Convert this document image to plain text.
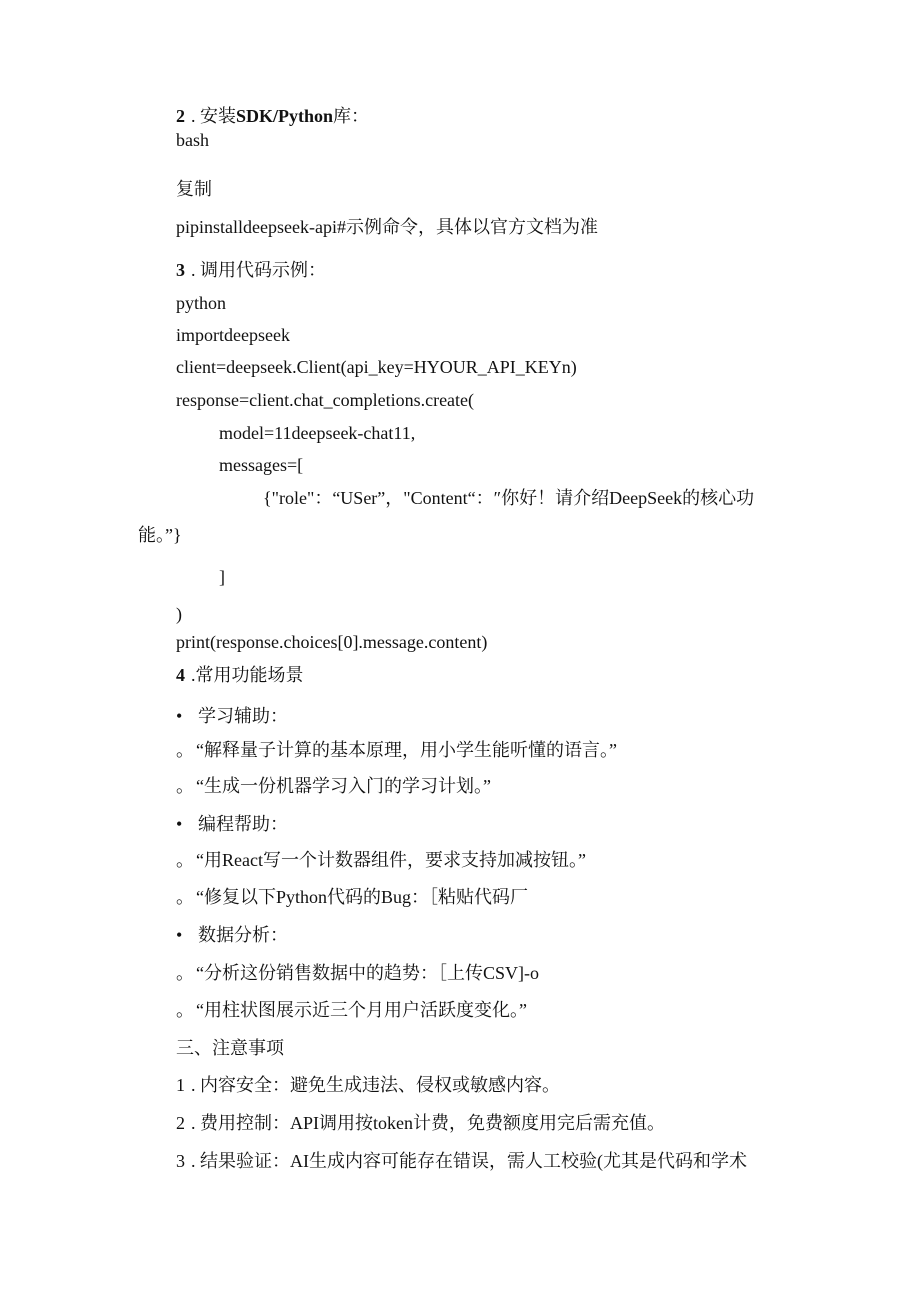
2 . 安装SDK/Python库：
bash
复制
pipinstalldeepseek-api#示例命令，具体以官方文档为准
3 . 调用代码示例：
python
importdeepseek
client=deepseek.Client(api_key=HYOUR_API_KEYn)
response=client.chat_completions.create(
model=11deepseek-chat11,
messages=[
{"role"：“USer”，"Content“：″你好！请介绍DeepSeek的核心功
能。”}
]
)
print(response.choices[0].message.content)
4 .常用功能场景
• 学习辅助：
。 “解释量子计算的基本原理，用小学生能听懂的语言。”
。 “生成一份机器学习入门的学习计划。”
• 编程帮助：
。 “用React写一个计数器组件，要求支持加减按钮。”
。 “修复以下Python代码的Bug：［粘贴代码厂
• 数据分析：
。 “分析这份销售数据中的趋势：［上传CSV]-o
。 “用柱状图展示近三个月用户活跃度变化。”
三、注意事项
1 . 内容安全：避免生成违法、侵权或敏感内容。
2 . 费用控制：API调用按token计费，免费额度用完后需充值。
3 . 结果验证：AI生成内容可能存在错误，需人工校验(尤其是代码和学术
